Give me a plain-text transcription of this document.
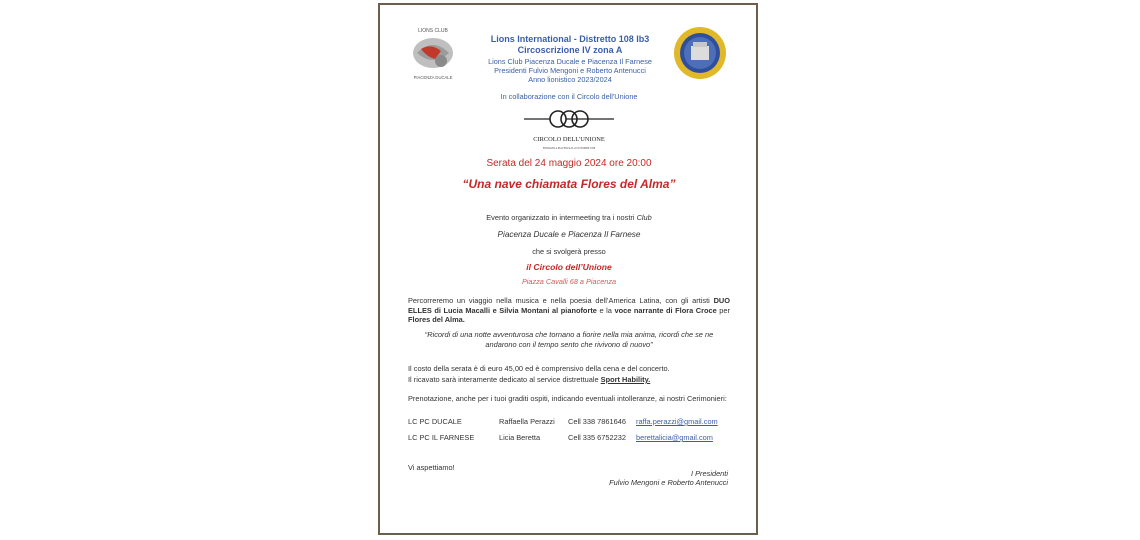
LIONS CLUB
PIACENZA DUCALE
Lions International - Distretto 108 Ib3
Circoscrizione IV zona A
Lions Club Piacenza Ducale e Piacenza Il Farnese
Presidenti Fulvio Mengoni e Roberto Antenucci
Anno lionistico 2023/2024
In collaborazione con il Circolo dell'Unione
CIRCOLO DELL'UNIONE
FONDATO A PIACENZA IL 22 OTTOBRE 1838
Serata del 24 maggio 2024 ore 20:00
“Una nave chiamata Flores del Alma”
Evento organizzato in intermeeting tra i nostri Club
Piacenza Ducale e Piacenza Il Farnese
che si svolgerà presso
il Circolo dell’Unione
Piazza Cavalli 68 a Piacenza
Percorreremo un viaggio nella musica e nella poesia dell’America Latina, con gli artisti DUO ELLES di Lucia Macalli e Silvia Montani al pianoforte e la voce narrante di Flora Croce per Flores del Alma.
“Ricordi di una notte avventurosa che tornano a fiorire nella mia anima, ricordi che se ne andarono con il tempo sento che rivivono di nuovo”
Il costo della serata è di euro 45,00 ed è comprensivo della cena e del concerto.
Il ricavato sarà interamente dedicato al service distrettuale Sport Hability.
Prenotazione, anche per i tuoi graditi ospiti, indicando eventuali intolleranze, ai nostri Cerimonieri:
LC PC DUCALE	Raffaella Perazzi	Cell 338 7861646	raffa.perazzi@gmail.com
LC PC IL FARNESE	Licia Beretta	Cell 335 6752232	berettalicia@gmail.com
Vi aspettiamo!
I Presidenti
Fulvio Mengoni e Roberto Antenucci
